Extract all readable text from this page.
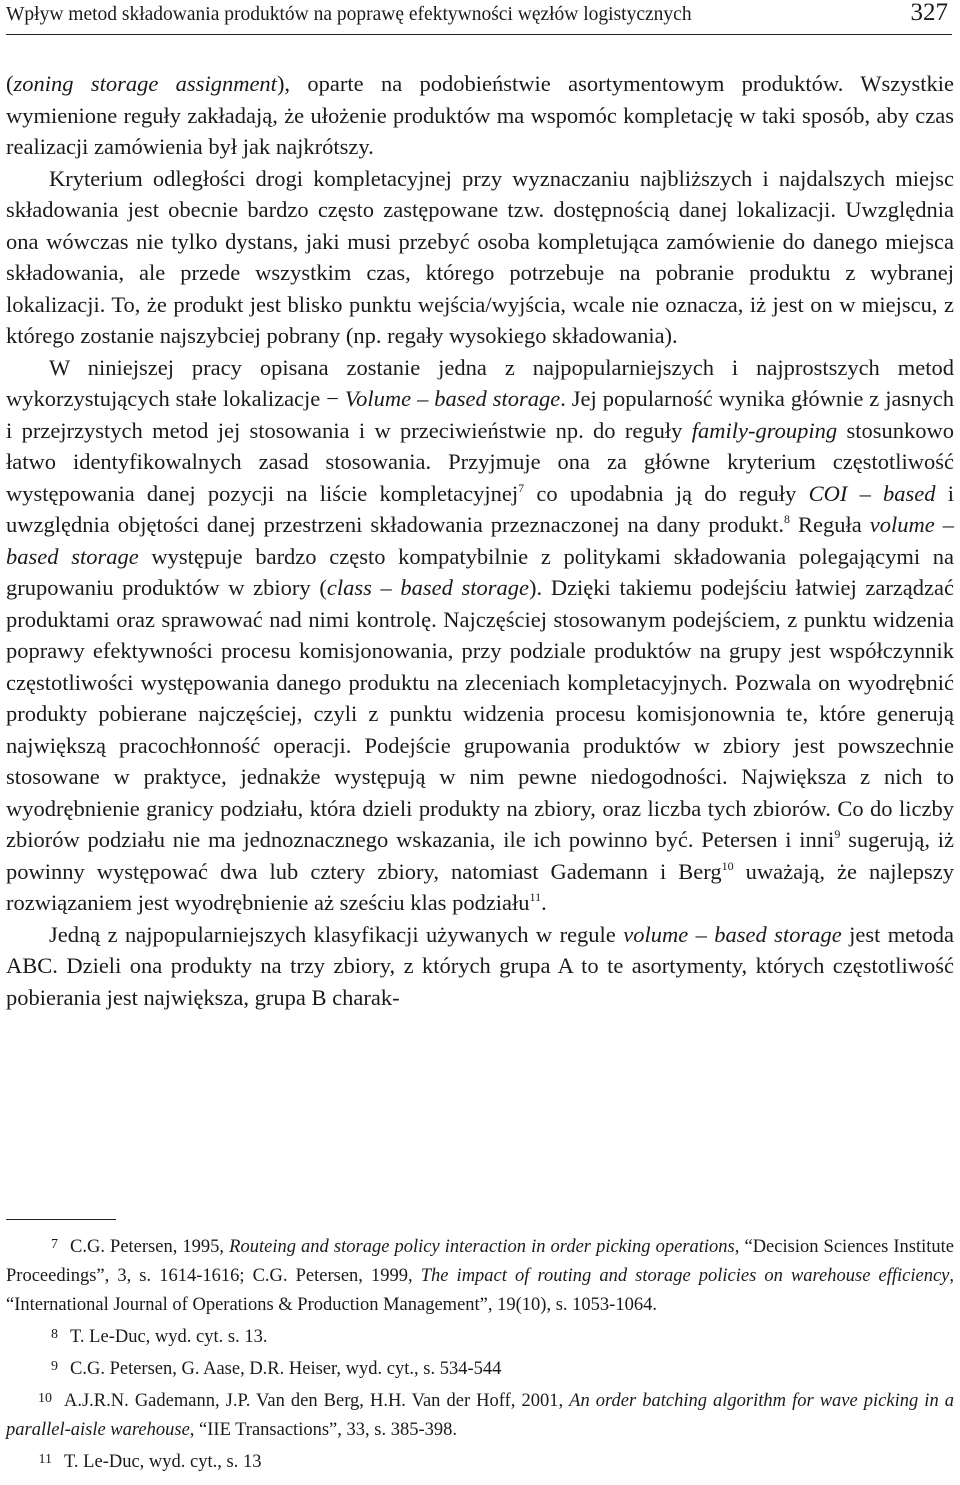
Wpływ metod składowania produktów na poprawę efektywności węzłów logistycznych	327

(zoning storage assignment), oparte na podobieństwie asortymentowym produktów. Wszystkie wymienione reguły zakładają, że ułożenie produktów ma wspomóc kompletację w taki sposób, aby czas realizacji zamówienia był jak najkrótszy.

Kryterium odległości drogi kompletacyjnej przy wyznaczaniu najbliższych i najdalszych miejsc składowania jest obecnie bardzo często zastępowane tzw. dostępnością danej lokalizacji. Uwzględnia ona wówczas nie tylko dystans, jaki musi przebyć osoba kompletująca zamówienie do danego miejsca składowania, ale przede wszystkim czas, którego potrzebuje na pobranie produktu z wybranej lokalizacji. To, że produkt jest blisko punktu wejścia/wyjścia, wcale nie oznacza, iż jest on w miejscu, z którego zostanie najszybciej pobrany (np. regały wysokiego składowania).

W niniejszej pracy opisana zostanie jedna z najpopularniejszych i najprostszych metod wykorzystujących stałe lokalizacje − Volume – based storage. Jej popularność wynika głównie z jasnych i przejrzystych metod jej stosowania i w przeciwieństwie np. do reguły family-grouping stosunkowo łatwo identyfikowalnych zasad stosowania. Przyjmuje ona za główne kryterium częstotliwość występowania danej pozycji na liście kompletacyjnej$^7$ co upodabnia ją do reguły COI – based i uwzględnia objętości danej przestrzeni składowania przeznaczonej na dany produkt.$^8$ Reguła volume – based storage występuje bardzo często kompatybilnie z politykami składowania polegającymi na grupowaniu produktów w zbiory (class – based storage). Dzięki takiemu podejściu łatwiej zarządzać produktami oraz sprawować nad nimi kontrolę. Najczęściej stosowanym podejściem, z punktu widzenia poprawy efektywności procesu komisjonowania, przy podziale produktów na grupy jest współczynnik częstotliwości występowania danego produktu na zleceniach kompletacyjnych. Pozwala on wyodrębnić produkty pobierane najczęściej, czyli z punktu widzenia procesu komisjonownia te, które generują największą pracochłonność operacji. Podejście grupowania produktów w zbiory jest powszechnie stosowane w praktyce, jednakże występują w nim pewne niedogodności. Największa z nich to wyodrębnienie granicy podziału, która dzieli produkty na zbiory, oraz liczba tych zbiorów. Co do liczby zbiorów podziału nie ma jednoznacznego wskazania, ile ich powinno być. Petersen i inni$^9$ sugerują, iż powinny występować dwa lub cztery zbiory, natomiast Gademann i Berg$^{10}$ uważają, że najlepszy rozwiązaniem jest wyodrębnienie aż sześciu klas podziału$^{11}$.

Jedną z najpopularniejszych klasyfikacji używanych w regule volume – based storage jest metoda ABC. Dzieli ona produkty na trzy zbiory, z których grupa A to te asortymenty, których częstotliwość pobierania jest największa, grupa B charak-

7 C.G. Petersen, 1995, Routeing and storage policy interaction in order picking operations, “Decision Sciences Institute Proceedings”, 3, s. 1614-1616; C.G. Petersen, 1999, The impact of routing and storage policies on warehouse efficiency, “International Journal of Operations & Production Management”, 19(10), s. 1053-1064.

8 T. Le-Duc, wyd. cyt. s. 13.

9 C.G. Petersen, G. Aase, D.R. Heiser, wyd. cyt., s. 534-544

10 A.J.R.N. Gademann, J.P. Van den Berg, H.H. Van der Hoff, 2001, An order batching algorithm for wave picking in a parallel-aisle warehouse, “IIE Transactions”, 33, s. 385-398.

11 T. Le-Duc, wyd. cyt., s. 13
